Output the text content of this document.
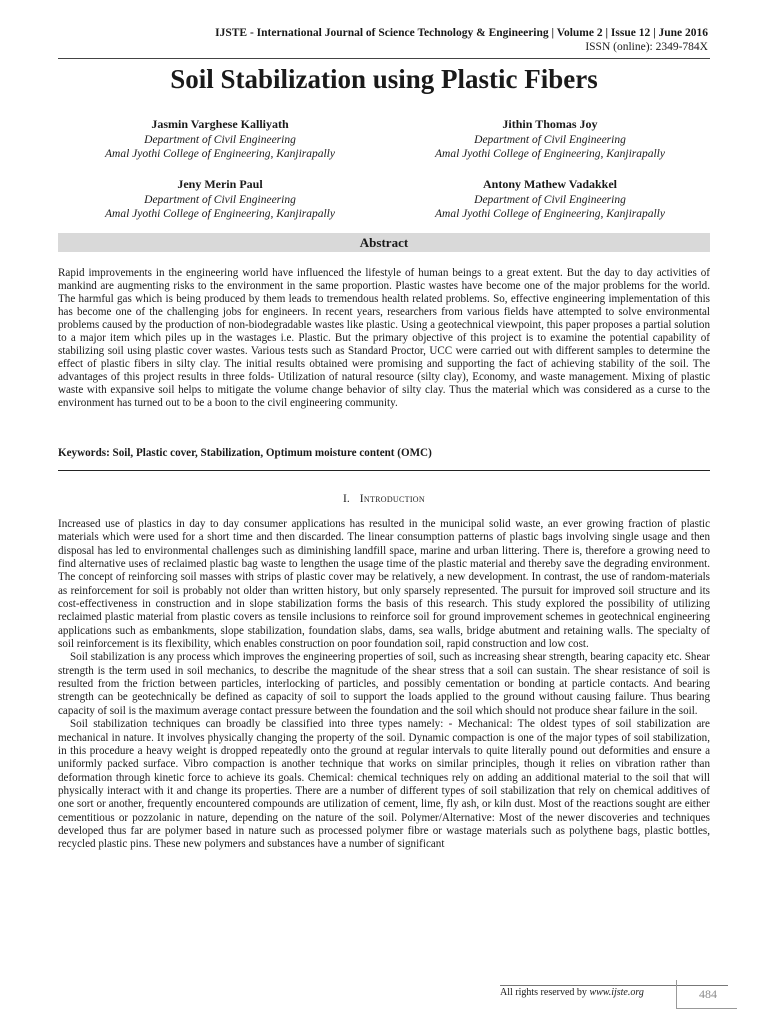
IJSTE - International Journal of Science Technology & Engineering | Volume 2 | Issue 12 | June 2016
ISSN (online): 2349-784X
Soil Stabilization using Plastic Fibers
Jasmin Varghese Kalliyath
Department of Civil Engineering
Amal Jyothi College of Engineering, Kanjirapally
Jithin Thomas Joy
Department of Civil Engineering
Amal Jyothi College of Engineering, Kanjirapally
Jeny Merin Paul
Department of Civil Engineering
Amal Jyothi College of Engineering, Kanjirapally
Antony Mathew Vadakkel
Department of Civil Engineering
Amal Jyothi College of Engineering, Kanjirapally
Abstract
Rapid improvements in the engineering world have influenced the lifestyle of human beings to a great extent. But the day to day activities of mankind are augmenting risks to the environment in the same proportion. Plastic wastes have become one of the major problems for the world. The harmful gas which is being produced by them leads to tremendous health related problems. So, effective engineering implementation of this has become one of the challenging jobs for engineers. In recent years, researchers from various fields have attempted to solve environmental problems caused by the production of non-biodegradable wastes like plastic. Using a geotechnical viewpoint, this paper proposes a partial solution to a major item which piles up in the wastages i.e. Plastic. But the primary objective of this project is to examine the potential capability of stabilizing soil using plastic cover wastes. Various tests such as Standard Proctor, UCC were carried out with different samples to determine the effect of plastic fibers in silty clay. The initial results obtained were promising and supporting the fact of achieving stability of the soil. The advantages of this project results in three folds- Utilization of natural resource (silty clay), Economy, and waste management. Mixing of plastic waste with expansive soil helps to mitigate the volume change behavior of silty clay. Thus the material which was considered as a curse to the environment has turned out to be a boon to the civil engineering community.
Keywords: Soil, Plastic cover, Stabilization, Optimum moisture content (OMC)
I. Introduction

Increased use of plastics in day to day consumer applications has resulted in the municipal solid waste, an ever growing fraction of plastic materials which were used for a short time and then discarded. The linear consumption patterns of plastic bags involving single usage and then disposal has led to environmental challenges such as diminishing landfill space, marine and urban littering. There is, therefore a growing need to find alternative uses of reclaimed plastic bag waste to lengthen the usage time of the plastic material and thereby save the degrading environment. The concept of reinforcing soil masses with strips of plastic cover may be relatively, a new development. In contrast, the use of random-materials as reinforcement for soil is probably not older than written history, but only sparsely represented. The pursuit for improved soil structure and its cost-effectiveness in construction and in slope stabilization forms the basis of this research. This study explored the possibility of utilizing reclaimed plastic material from plastic covers as tensile inclusions to reinforce soil for ground improvement schemes in geotechnical engineering applications such as embankments, slope stabilization, foundation slabs, dams, sea walls, bridge abutment and retaining walls. The specialty of soil reinforcement is its flexibility, which enables construction on poor foundation soil, rapid construction and low cost.

Soil stabilization is any process which improves the engineering properties of soil, such as increasing shear strength, bearing capacity etc. Shear strength is the term used in soil mechanics, to describe the magnitude of the shear stress that a soil can sustain. The shear resistance of soil is resulted from the friction between particles, interlocking of particles, and possibly cementation or bonding at particle contacts. And bearing strength can be geotechnically be defined as capacity of soil to support the loads applied to the ground without causing failure. Thus bearing capacity of soil is the maximum average contact pressure between the foundation and the soil which should not produce shear failure in the soil.

Soil stabilization techniques can broadly be classified into three types namely: - Mechanical: The oldest types of soil stabilization are mechanical in nature. It involves physically changing the property of the soil. Dynamic compaction is one of the major types of soil stabilization, in this procedure a heavy weight is dropped repeatedly onto the ground at regular intervals to quite literally pound out deformities and ensure a uniformly packed surface. Vibro compaction is another technique that works on similar principles, though it relies on vibration rather than deformation through kinetic force to achieve its goals. Chemical: chemical techniques rely on adding an additional material to the soil that will physically interact with it and change its properties. There are a number of different types of soil stabilization that rely on chemical additives of one sort or another, frequently encountered compounds are utilization of cement, lime, fly ash, or kiln dust. Most of the reactions sought are either cementitious or pozzolanic in nature, depending on the nature of the soil. Polymer/Alternative: Most of the newer discoveries and techniques developed thus far are polymer based in nature such as processed polymer fibre or wastage materials such as polythene bags, plastic bottles, recycled plastic pins. These new polymers and substances have a number of significant

All rights reserved by www.ijste.org	484
